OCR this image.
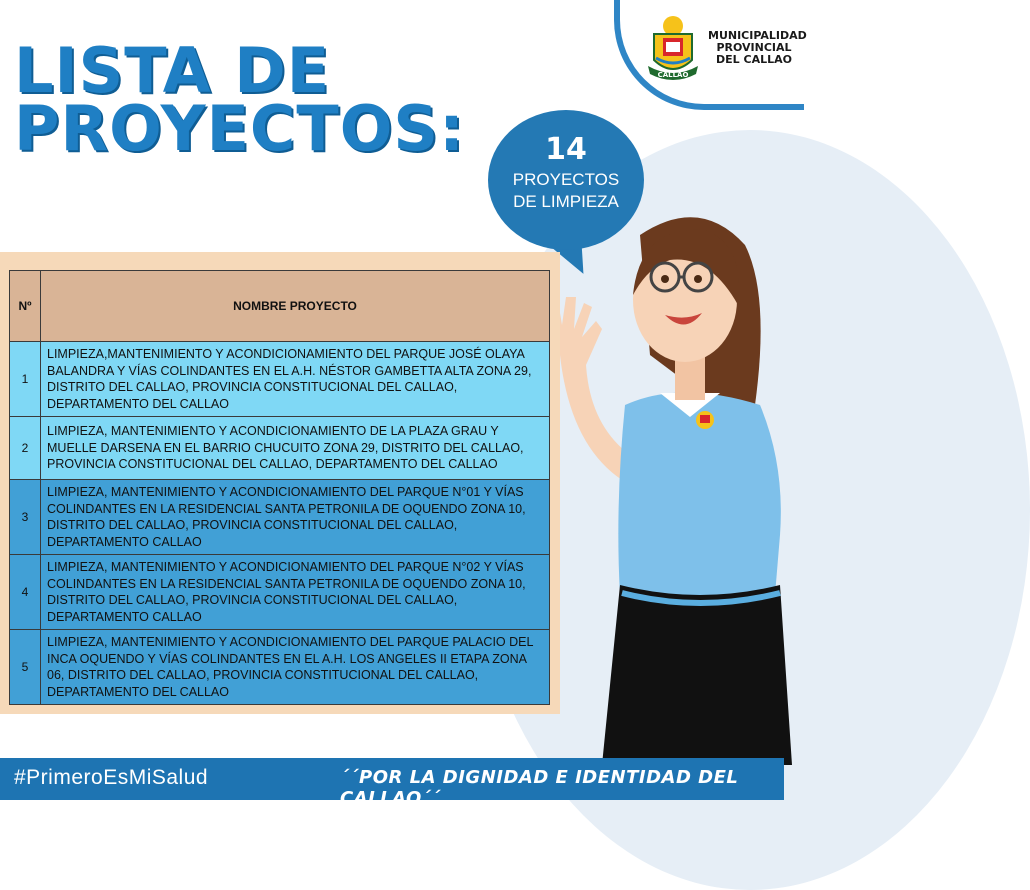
CALLAO
MUNICIPALIDAD
PROVINCIAL
DEL CALLAO
LISTA DE
PROYECTOS:	14
PROYECTOS
DE LIMPIEZA
Nº	NOMBRE PROYECTO
1	LIMPIEZA,MANTENIMIENTO Y ACONDICIONAMIENTO DEL PARQUE JOSÉ OLAYA BALANDRA Y VÍAS COLINDANTES EN EL A.H. NÉSTOR GAMBETTA ALTA ZONA 29, DISTRITO DEL CALLAO, PROVINCIA CONSTITUCIONAL DEL CALLAO, DEPARTAMENTO DEL CALLAO
2	LIMPIEZA, MANTENIMIENTO Y ACONDICIONAMIENTO DE LA PLAZA GRAU Y MUELLE DARSENA EN EL BARRIO CHUCUITO ZONA 29, DISTRITO DEL CALLAO, PROVINCIA CONSTITUCIONAL DEL CALLAO, DEPARTAMENTO DEL CALLAO
3	LIMPIEZA, MANTENIMIENTO Y ACONDICIONAMIENTO DEL PARQUE N°01 Y VÍAS COLINDANTES EN LA RESIDENCIAL SANTA PETRONILA DE OQUENDO ZONA 10, DISTRITO DEL CALLAO, PROVINCIA CONSTITUCIONAL DEL CALLAO, DEPARTAMENTO CALLAO
4	LIMPIEZA, MANTENIMIENTO Y ACONDICIONAMIENTO DEL PARQUE N°02 Y VÍAS COLINDANTES EN LA RESIDENCIAL SANTA PETRONILA DE OQUENDO ZONA 10, DISTRITO DEL CALLAO, PROVINCIA CONSTITUCIONAL DEL CALLAO, DEPARTAMENTO CALLAO
5	LIMPIEZA, MANTENIMIENTO Y ACONDICIONAMIENTO DEL PARQUE PALACIO DEL INCA OQUENDO Y VÍAS COLINDANTES EN EL A.H. LOS ANGELES II ETAPA ZONA 06, DISTRITO DEL CALLAO, PROVINCIA CONSTITUCIONAL DEL CALLAO, DEPARTAMENTO DEL CALLAO
#PrimeroEsMiSalud	´´POR LA DIGNIDAD E IDENTIDAD DEL CALLAO´´
